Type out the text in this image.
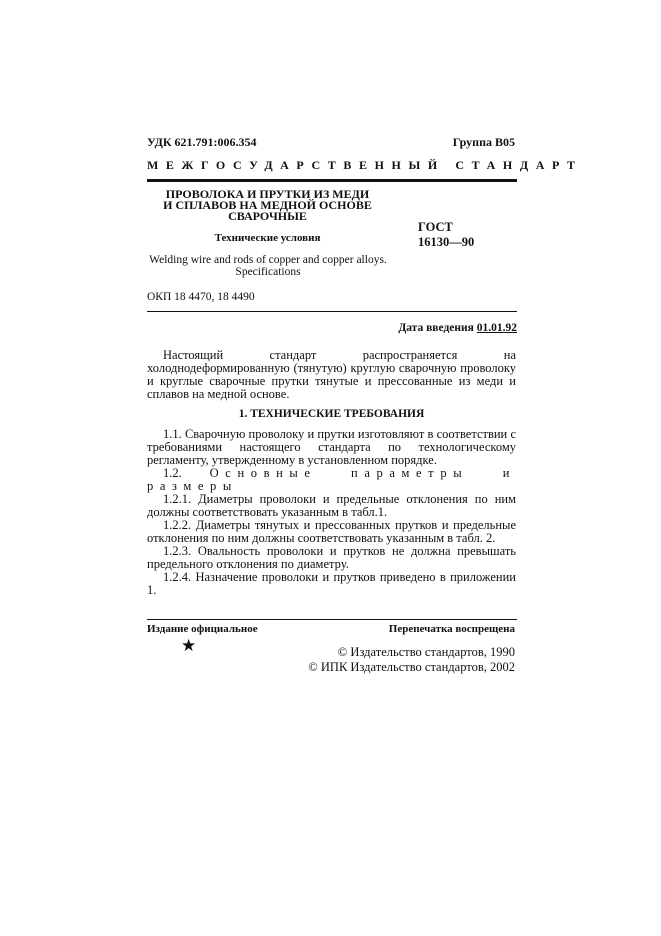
УДК 621.791:006.354	Группа В05
МЕЖГОСУДАРСТВЕННЫЙ СТАНДАРТ
ПРОВОЛОКА И ПРУТКИ ИЗ МЕДИ
И СПЛАВОВ НА МЕДНОЙ ОСНОВЕ
СВАРОЧНЫЕ
Технические условия
ГОСТ
16130—90
Welding wire and rods of copper and copper alloys.
Specifications
ОКП 18 4470, 18 4490
Дата введения 01.01.92
Настоящий стандарт распространяется на холоднодеформированную (тянутую) круглую сварочную проволоку и круглые сварочные прутки тянутые и прессованные из меди и сплавов на медной основе.
1. ТЕХНИЧЕСКИЕ ТРЕБОВАНИЯ

1.1. Сварочную проволоку и прутки изготовляют в соответствии с требованиями настоящего стандарта по технологическому регламенту, утвержденному в установленном порядке.

1.2. Основные параметры и размеры

1.2.1. Диаметры проволоки и предельные отклонения по ним должны соответствовать указанным в табл.1.

1.2.2. Диаметры тянутых и прессованных прутков и предельные отклонения по ним должны соответствовать указанным в табл. 2.

1.2.3. Овальность проволоки и прутков не должна превышать предельного отклонения по диаметру.

1.2.4. Назначение проволоки и прутков приведено в приложении 1.

Издание официальное	Перепечатка воспрещена
★	© Издательство стандартов, 1990
© ИПК Издательство стандартов, 2002
